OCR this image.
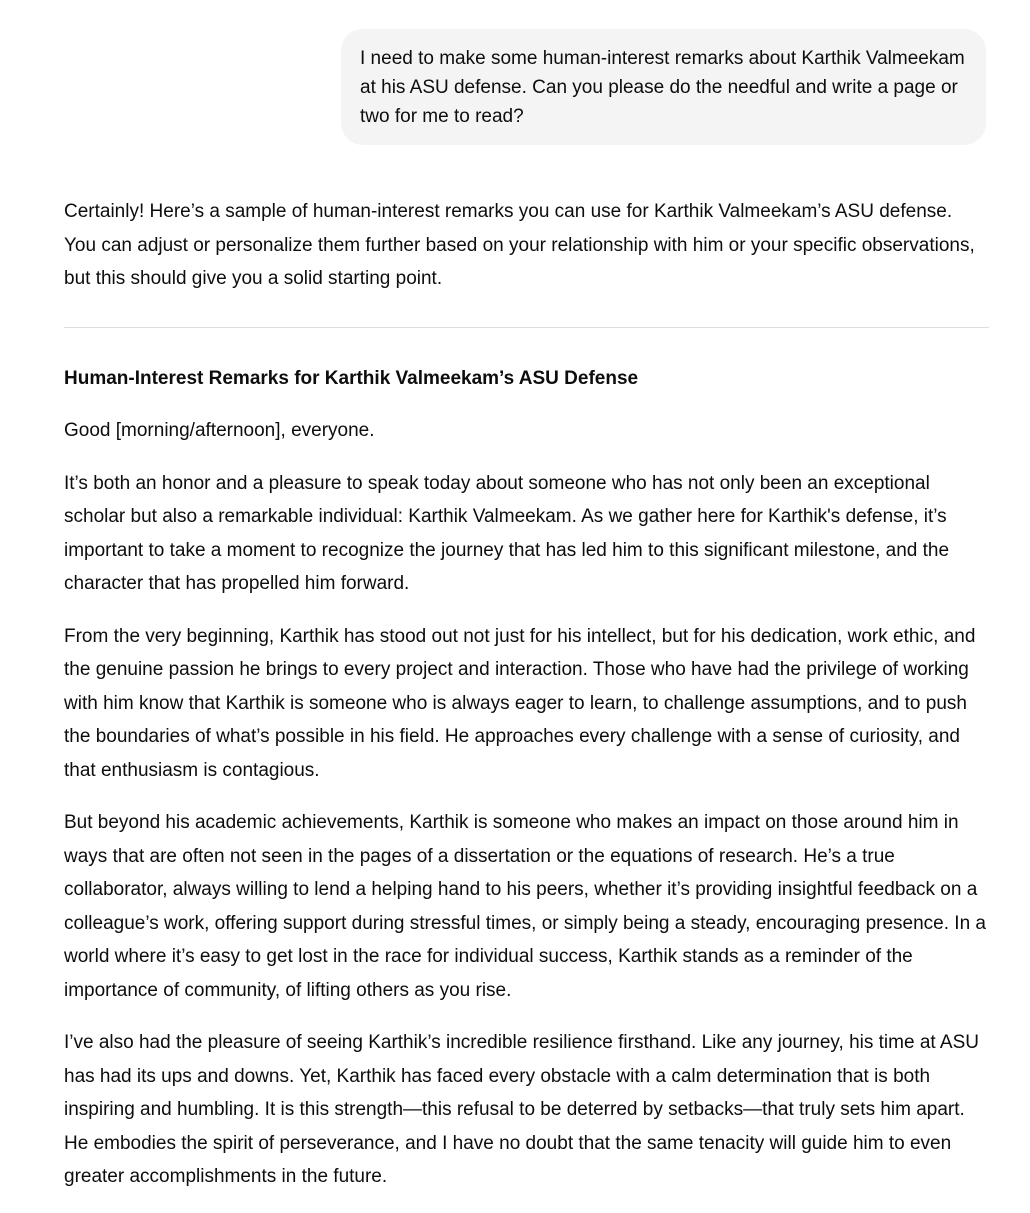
I need to make some human-interest remarks about Karthik Valmeekam at his ASU defense. Can you please do the needful and write a page or two for me to read?

Certainly! Here’s a sample of human-interest remarks you can use for Karthik Valmeekam’s ASU defense. You can adjust or personalize them further based on your relationship with him or your specific observations, but this should give you a solid starting point.

Human-Interest Remarks for Karthik Valmeekam’s ASU Defense

Good [morning/afternoon], everyone.

It’s both an honor and a pleasure to speak today about someone who has not only been an exceptional scholar but also a remarkable individual: Karthik Valmeekam. As we gather here for Karthik's defense, it’s important to take a moment to recognize the journey that has led him to this significant milestone, and the character that has propelled him forward.

From the very beginning, Karthik has stood out not just for his intellect, but for his dedication, work ethic, and the genuine passion he brings to every project and interaction. Those who have had the privilege of working with him know that Karthik is someone who is always eager to learn, to challenge assumptions, and to push the boundaries of what’s possible in his field. He approaches every challenge with a sense of curiosity, and that enthusiasm is contagious.

But beyond his academic achievements, Karthik is someone who makes an impact on those around him in ways that are often not seen in the pages of a dissertation or the equations of research. He’s a true collaborator, always willing to lend a helping hand to his peers, whether it’s providing insightful feedback on a colleague’s work, offering support during stressful times, or simply being a steady, encouraging presence. In a world where it’s easy to get lost in the race for individual success, Karthik stands as a reminder of the importance of community, of lifting others as you rise.

I’ve also had the pleasure of seeing Karthik’s incredible resilience firsthand. Like any journey, his time at ASU has had its ups and downs. Yet, Karthik has faced every obstacle with a calm determination that is both inspiring and humbling. It is this strength—this refusal to be deterred by setbacks—that truly sets him apart. He embodies the spirit of perseverance, and I have no doubt that the same tenacity will guide him to even greater accomplishments in the future.
